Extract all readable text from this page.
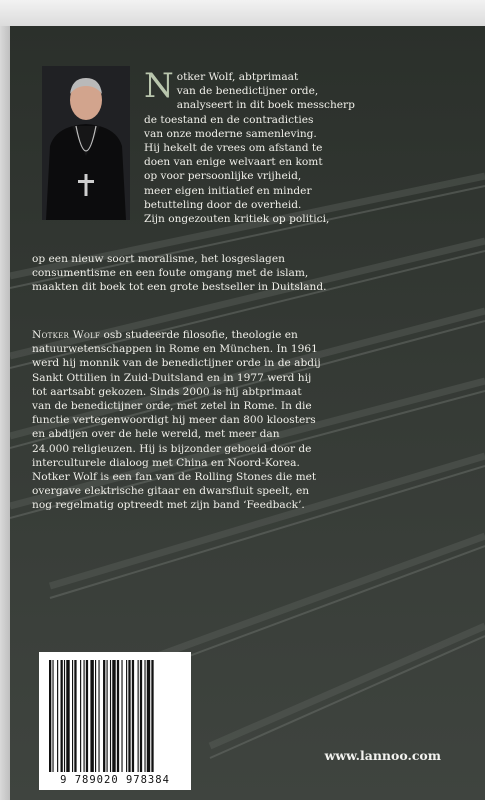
N otker Wolf, abtprimaat
van de benedictijner orde,
analyseert in dit boek messcherp
de toestand en de contradicties
van onze moderne samenleving.
Hij hekelt de vrees om afstand te
doen van enige welvaart en komt
op voor persoonlijke vrijheid,
meer eigen initiatief en minder
betutteling door de overheid.
Zijn ongezouten kritiek op politici,
op een nieuw soort moralisme, het losgeslagen
consumentisme en een foute omgang met de islam,
maakten dit boek tot een grote bestseller in Duitsland.
Notker Wolf osb studeerde filosofie, theologie en
natuurwetenschappen in Rome en München. In 1961
werd hij monnik van de benedictijner orde in de abdij
Sankt Ottilien in Zuid-Duitsland en in 1977 werd hij
tot aartsabt gekozen. Sinds 2000 is hij abtprimaat
van de benedictijner orde, met zetel in Rome. In die
functie vertegenwoordigt hij meer dan 800 kloosters
en abdijen over de hele wereld, met meer dan
24.000 religieuzen. Hij is bijzonder geboeid door de
interculturele dialoog met China en Noord-Korea.
Notker Wolf is een fan van de Rolling Stones die met
overgave elektrische gitaar en dwarsfluit speelt, en
nog regelmatig optreedt met zijn band ‘Feedback’.
9 789020 978384
www.lannoo.com
